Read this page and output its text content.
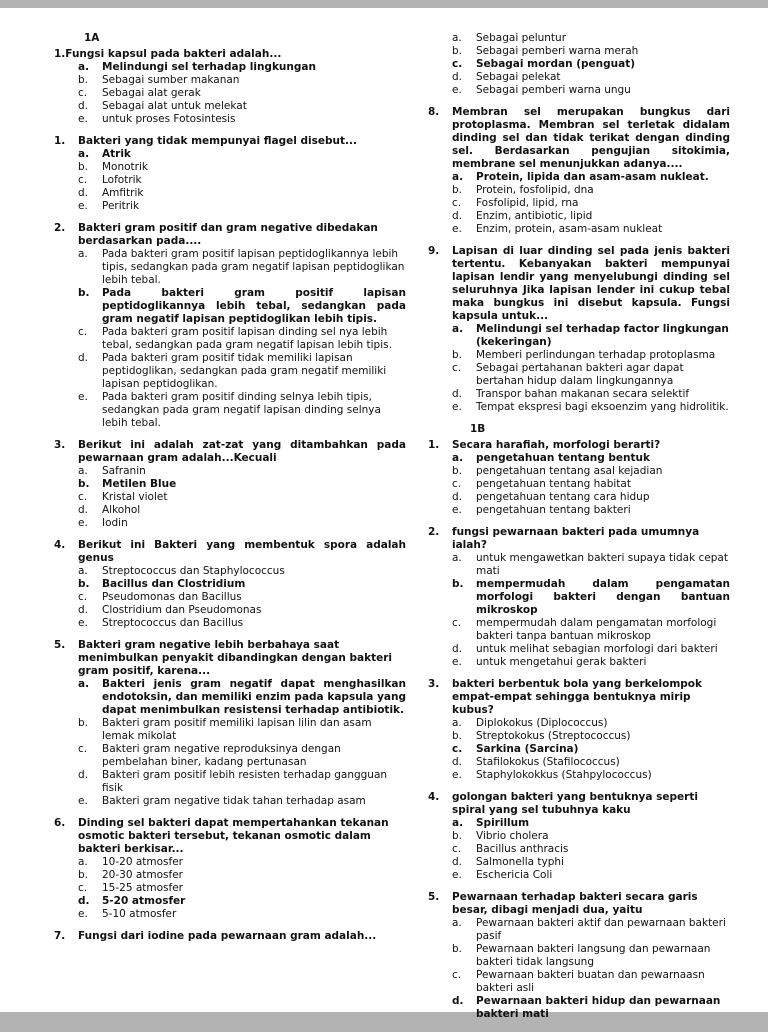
1A
1.Fungsi kapsul pada bakteri adalah...
a.	Melindungi sel terhadap lingkungan
b.	Sebagai sumber makanan
c.	Sebagai alat gerak
d.	Sebagai alat untuk melekat
e.	untuk proses Fotosintesis
1.	Bakteri yang tidak mempunyai flagel disebut...
a.	Atrik
b.	Monotrik
c.	Lofotrik
d.	Amfitrik
e.	Peritrik
2.	Bakteri gram positif dan gram negative dibedakan berdasarkan pada....
a.	Pada bakteri gram positif lapisan peptidoglikannya lebih tipis, sedangkan pada gram negatif lapisan peptidoglikan lebih tebal.
b.	Pada bakteri gram positif lapisan peptidoglikannya lebih tebal, sedangkan pada gram negatif lapisan peptidoglikan lebih tipis.
c.	Pada bakteri gram positif lapisan dinding sel nya lebih tebal, sedangkan pada gram negatif lapisan lebih tipis.
d.	Pada bakteri gram positif tidak memiliki lapisan peptidoglikan, sedangkan pada gram negatif memiliki lapisan peptidoglikan.
e.	Pada bakteri gram positif dinding selnya lebih tipis, sedangkan pada gram negatif lapisan dinding selnya lebih tebal.
3.	Berikut ini adalah zat-zat yang ditambahkan pada pewarnaan gram adalah...Kecuali
a.	Safranin
b.	Metilen Blue
c.	Kristal violet
d.	Alkohol
e.	Iodin
4.	Berikut ini Bakteri yang membentuk spora adalah genus
a.	Streptococcus dan Staphylococcus
b.	Bacillus dan Clostridium
c.	Pseudomonas dan Bacillus
d.	Clostridium dan Pseudomonas
e.	Streptococcus dan Bacillus
5.	Bakteri gram negative lebih berbahaya saat menimbulkan penyakit dibandingkan dengan bakteri gram positif, karena...
a.	Bakteri jenis gram negatif dapat menghasilkan endotoksin, dan memiliki enzim pada kapsula yang dapat menimbulkan resistensi terhadap antibiotik.
b.	Bakteri gram positif memiliki lapisan lilin dan asam lemak mikolat
c.	Bakteri gram negative reproduksinya dengan pembelahan biner, kadang pertunasan
d.	Bakteri gram positif lebih resisten terhadap gangguan fisik
e.	Bakteri gram negative tidak tahan terhadap asam
6.	Dinding sel bakteri dapat mempertahankan tekanan osmotic bakteri tersebut, tekanan osmotic dalam bakteri berkisar...
a.	10-20 atmosfer
b.	20-30 atmosfer
c.	15-25 atmosfer
d.	5-20 atmosfer
e.	5-10 atmosfer
7.	Fungsi dari iodine pada pewarnaan gram adalah...
a.	Sebagai peluntur
b.	Sebagai pemberi warna merah
c.	Sebagai mordan (penguat)
d.	Sebagai pelekat
e.	Sebagai pemberi warna ungu
8.	Membran sel merupakan bungkus dari protoplasma. Membran sel terletak didalam dinding sel dan tidak terikat dengan dinding sel. Berdasarkan pengujian sitokimia, membrane sel menunjukkan adanya....
a.	Protein, lipida dan asam-asam nukleat.
b.	Protein, fosfolipid, dna
c.	Fosfolipid, lipid, rna
d.	Enzim, antibiotic, lipid
e.	Enzim, protein, asam-asam nukleat
9.	Lapisan di luar dinding sel pada jenis bakteri tertentu. Kebanyakan bakteri mempunyai lapisan lendir yang menyelubungi dinding sel seluruhnya Jika lapisan lender ini cukup tebal maka bungkus ini disebut kapsula. Fungsi kapsula untuk...
a.	Melindungi sel terhadap factor lingkungan (kekeringan)
b.	Memberi perlindungan terhadap protoplasma
c.	Sebagai pertahanan bakteri agar dapat bertahan hidup dalam lingkungannya
d.	Transpor bahan makanan secara selektif
e.	Tempat ekspresi bagi eksoenzim yang hidrolitik.
1B
1.	Secara harafiah, morfologi berarti?
a.	pengetahuan tentang bentuk
b.	pengetahuan tentang asal kejadian
c.	pengetahuan tentang habitat
d.	pengetahuan tentang cara hidup
e.	pengetahuan tentang bakteri
2.	fungsi pewarnaan bakteri pada umumnya ialah?
a.	untuk mengawetkan bakteri supaya tidak cepat mati
b.	mempermudah dalam pengamatan morfologi bakteri dengan bantuan mikroskop
c.	mempermudah dalam pengamatan morfologi bakteri tanpa bantuan mikroskop
d.	untuk melihat sebagian morfologi dari bakteri
e.	untuk mengetahui gerak bakteri
3.	bakteri berbentuk bola yang berkelompok empat-empat sehingga bentuknya mirip kubus?
a.	Diplokokus (Diplococcus)
b.	Streptokokus (Streptococcus)
c.	Sarkina (Sarcina)
d.	Stafilokokus (Stafilococcus)
e.	Staphylokokkus (Stahpylococcus)
4.	golongan bakteri yang bentuknya seperti spiral yang sel tubuhnya kaku
a.	Spirillum
b.	Vibrio cholera
c.	Bacillus anthracis
d.	Salmonella typhi
e.	Eschericia Coli
5.	Pewarnaan terhadap bakteri secara garis besar, dibagi menjadi dua, yaitu
a.	Pewarnaan bakteri aktif dan pewarnaan bakteri pasif
b.	Pewarnaan bakteri langsung dan pewarnaan bakteri tidak langsung
c.	Pewarnaan bakteri buatan dan pewarnaasn bakteri asli
d.	Pewarnaan bakteri hidup dan pewarnaan bakteri mati
